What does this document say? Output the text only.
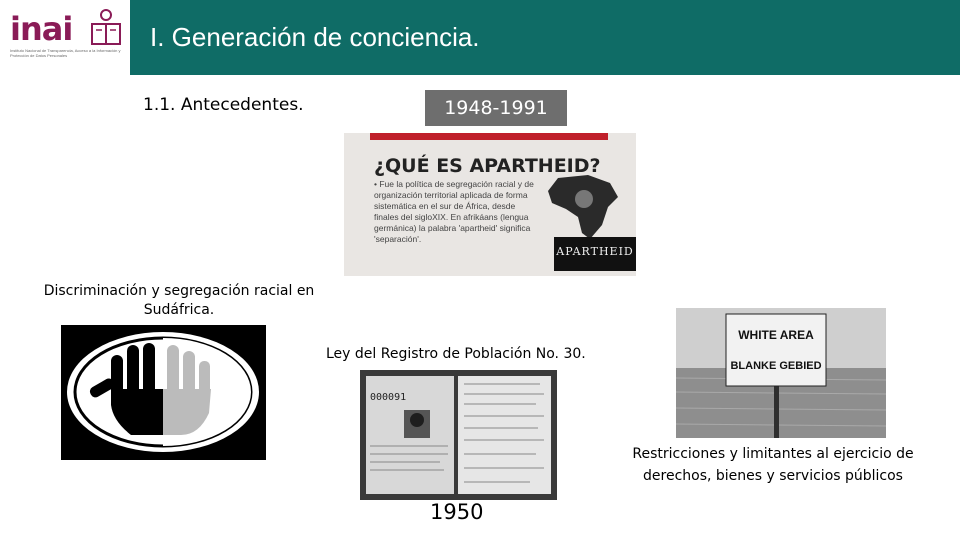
inai
Instituto Nacional de Transparencia, Acceso a la Información y Protección de Datos Personales
I. Generación de conciencia.
1.1. Antecedentes.	1948-1991
¿QUÉ ES APARTHEID?
• Fue la política de segregación racial y de organización territorial aplicada de forma sistemática en el sur de África, desde finales del sigloXIX. En afrikáans (lengua germánica) la palabra 'apartheid' significa 'separación'.
APARTHEID
Discriminación y segregación racial en Sudáfrica.
Ley del Registro de Población No. 30.
000091
1950
WHITE AREA
BLANKE GEBIED
Restricciones y limitantes al ejercicio de derechos, bienes y servicios públicos
